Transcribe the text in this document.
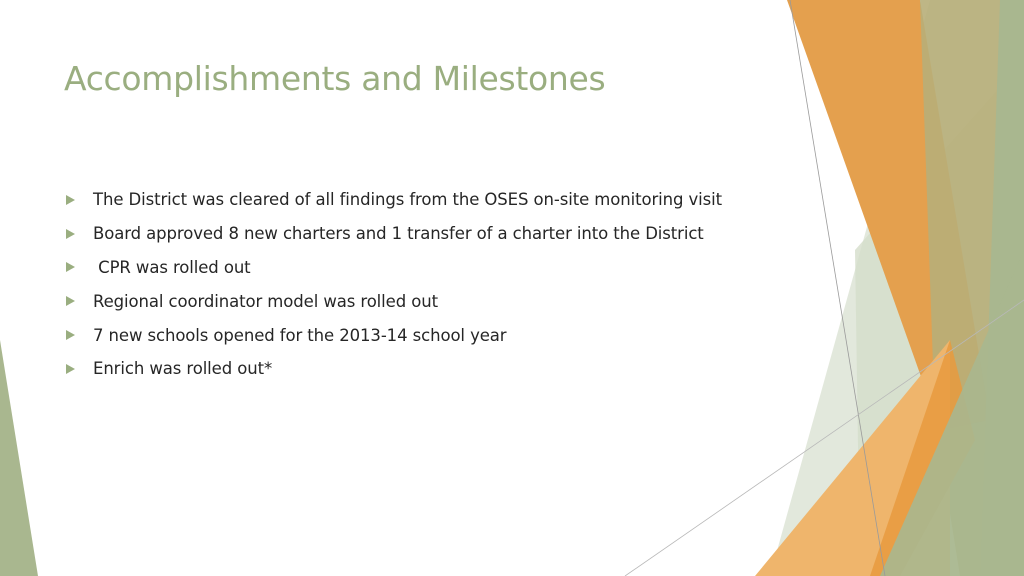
Accomplishments and Milestones
The District was cleared of all findings from the OSES on-site monitoring visit
Board approved 8 new charters and 1 transfer of a charter into the District
CPR was rolled out
Regional coordinator model was rolled out
7 new schools opened for the 2013-14 school year
Enrich was rolled out*
